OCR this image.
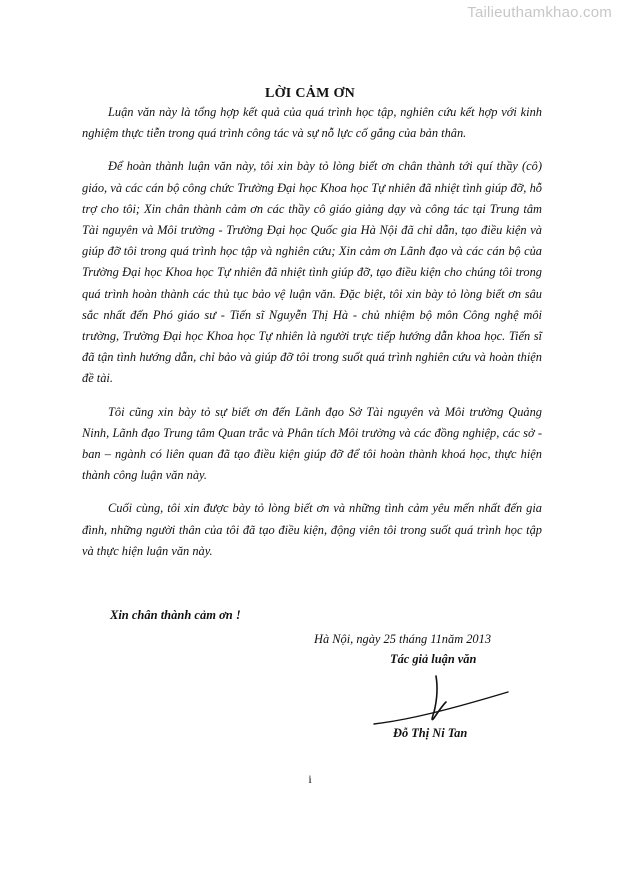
Tailieuthamkhao.com
LỜI CẢM ƠN

Luận văn này là tổng hợp kết quả của quá trình học tập, nghiên cứu kết hợp với kinh nghiệm thực tiễn trong quá trình công tác và sự nỗ lực cố gắng của bản thân.

Để hoàn thành luận văn này, tôi xin bày tỏ lòng biết ơn chân thành tới quí thầy (cô) giáo, và các cán bộ công chức Trường Đại học Khoa học Tự nhiên đã nhiệt tình giúp đỡ, hỗ trợ cho tôi; Xin chân thành cảm ơn các thầy cô giáo giảng dạy và công tác tại Trung tâm Tài nguyên và Môi trường - Trường Đại học Quốc gia Hà Nội đã chỉ dẫn, tạo điều kiện và giúp đỡ tôi trong quá trình học tập và nghiên cứu; Xin cảm ơn Lãnh đạo và các cán bộ của Trường Đại học Khoa học Tự nhiên đã nhiệt tình giúp đỡ, tạo điều kiện cho chúng tôi trong quá trình hoàn thành các thủ tục bảo vệ luận văn. Đặc biệt, tôi xin bày tỏ lòng biết ơn sâu sắc nhất đến Phó giáo sư - Tiến sĩ Nguyễn Thị Hà - chủ nhiệm bộ môn Công nghệ môi trường, Trường Đại học Khoa học Tự nhiên là người trực tiếp hướng dẫn khoa học. Tiến sĩ đã tận tình hướng dẫn, chỉ bảo và giúp đỡ tôi trong suốt quá trình nghiên cứu và hoàn thiện đề tài.

Tôi cũng xin bày tỏ sự biết ơn đến Lãnh đạo Sở Tài nguyên và Môi trường Quảng Ninh, Lãnh đạo Trung tâm Quan trắc và Phân tích Môi trường và các đồng nghiệp, các sở - ban – ngành có liên quan đã tạo điều kiện giúp đỡ để tôi hoàn thành khoá học, thực hiện thành công luận văn này.

Cuối cùng, tôi xin được bày tỏ lòng biết ơn và những tình cảm yêu mến nhất đến gia đình, những người thân của tôi đã tạo điều kiện, động viên tôi trong suốt quá trình học tập và thực hiện luận văn này.

Xin chân thành cảm ơn !
Hà Nội, ngày 25 tháng 11năm 2013
Tác giả luận văn
Đỗ Thị Ni Tan
i
